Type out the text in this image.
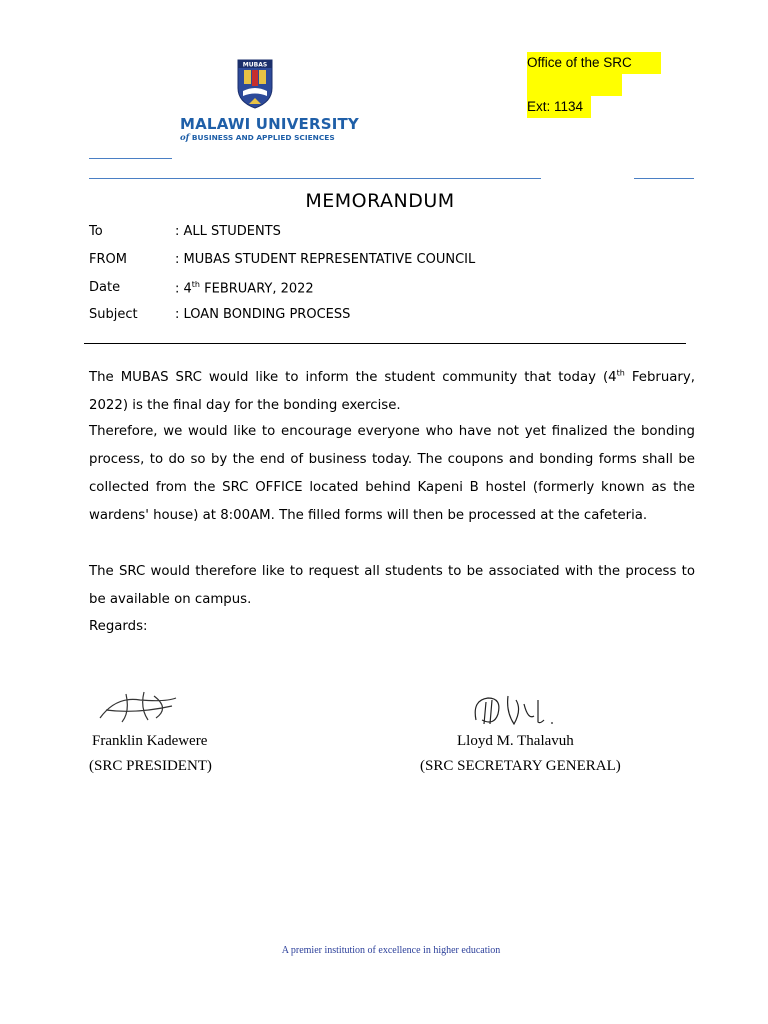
MUBAS
MALAWI UNIVERSITY
of BUSINESS AND APPLIED SCIENCES
Office of the SRC
Ext: 1134
MEMORANDUM
To	: ALL STUDENTS
FROM	: MUBAS STUDENT REPRESENTATIVE COUNCIL
Date	: 4th FEBRUARY, 2022
Subject	: LOAN BONDING PROCESS
The MUBAS SRC would like to inform the student community that today (4th February, 2022) is the final day for the bonding exercise.
Therefore, we would like to encourage everyone who have not yet finalized the bonding process, to do so by the end of business today. The coupons and bonding forms shall be collected from the SRC OFFICE located behind Kapeni B hostel (formerly known as the wardens' house) at 8:00AM. The filled forms will then be processed at the cafeteria.
The SRC would therefore like to request all students to be associated with the process to be available on campus.
Regards:
Franklin Kadewere
(SRC PRESIDENT)
Lloyd M. Thalavuh
(SRC SECRETARY GENERAL)
A premier institution of excellence in higher education
